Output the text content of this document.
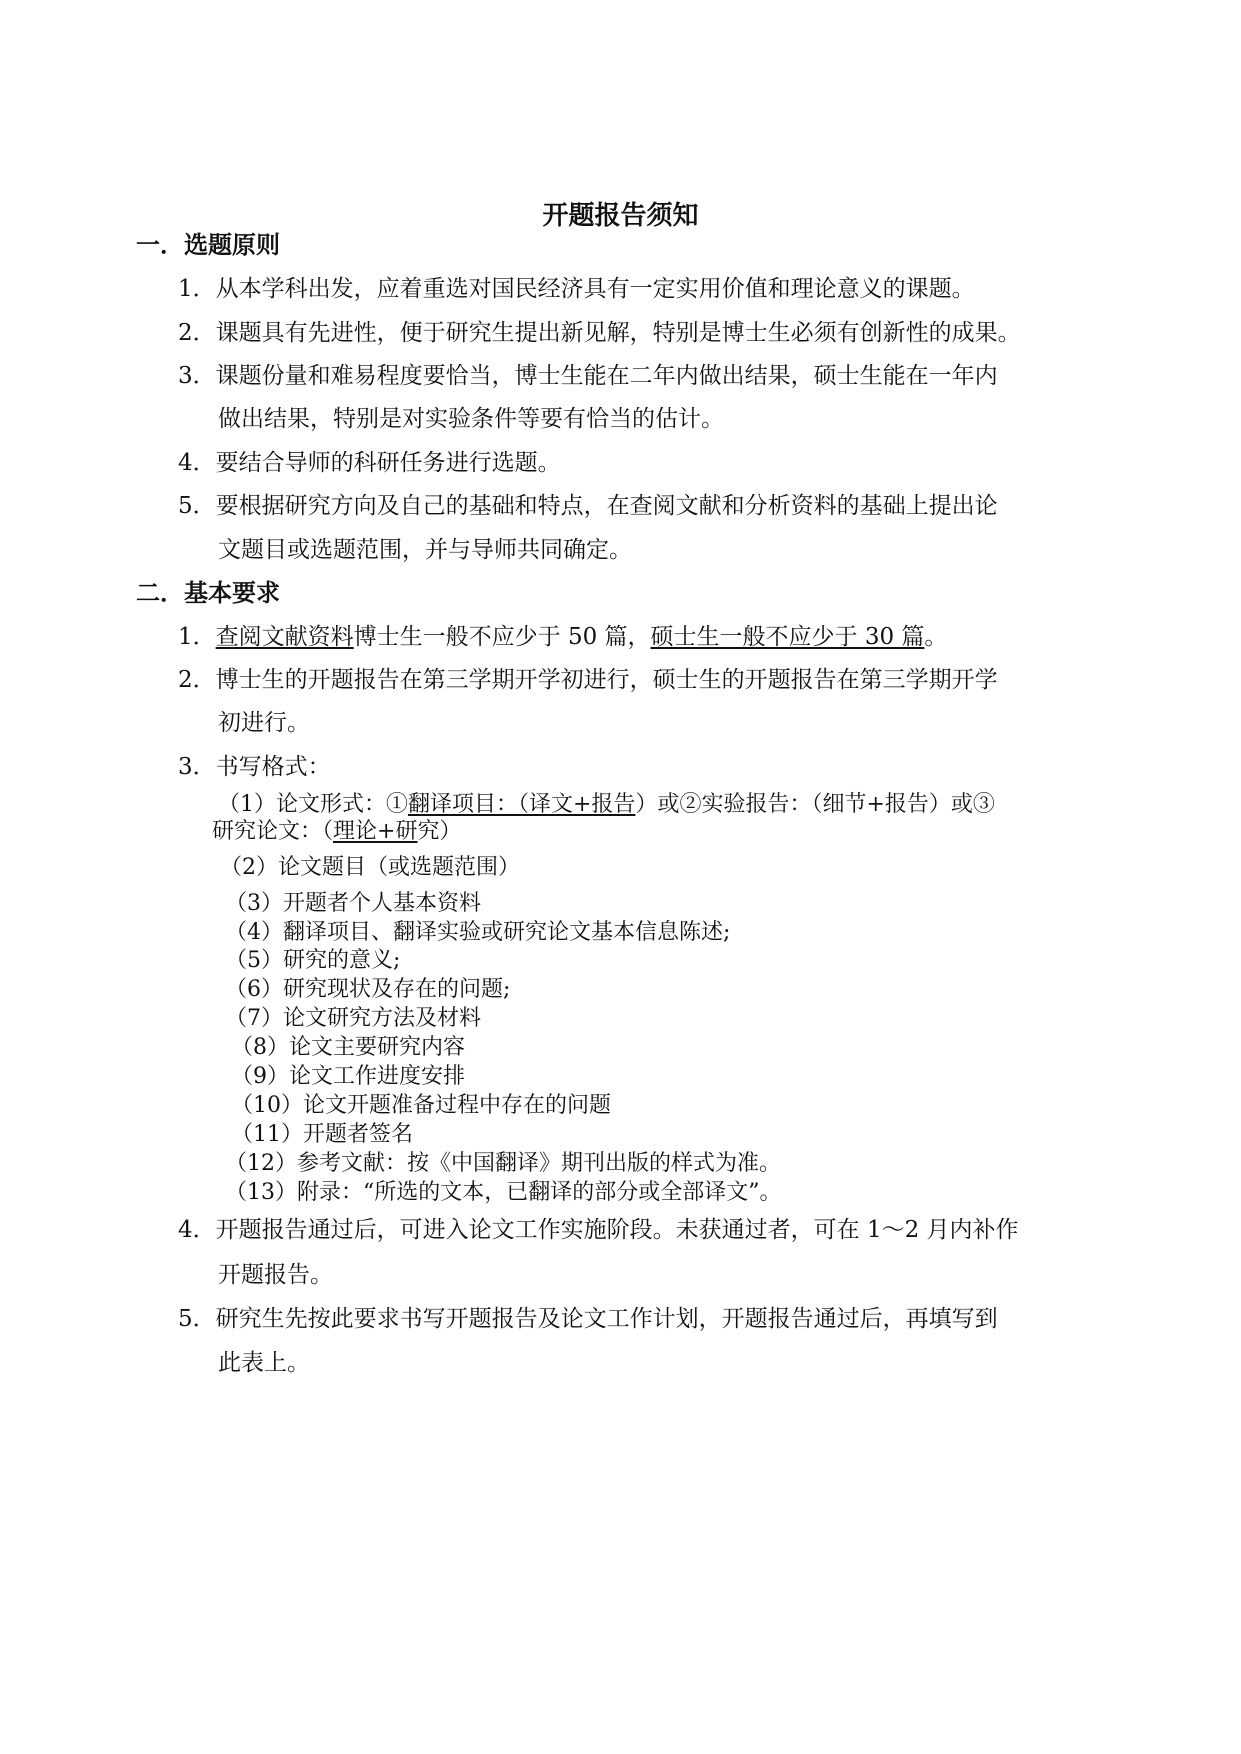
开题报告须知
一．选题原则
1．从本学科出发，应着重选对国民经济具有一定实用价值和理论意义的课题。
2．课题具有先进性，便于研究生提出新见解，特别是博士生必须有创新性的成果。
3．课题份量和难易程度要恰当，博士生能在二年内做出结果，硕士生能在一年内
做出结果，特别是对实验条件等要有恰当的估计。
4．要结合导师的科研任务进行选题。
5．要根据研究方向及自己的基础和特点，在查阅文献和分析资料的基础上提出论
文题目或选题范围，并与导师共同确定。
二．基本要求
1．查阅文献资料博士生一般不应少于 50 篇，硕士生一般不应少于 30 篇。
2．博士生的开题报告在第三学期开学初进行，硕士生的开题报告在第三学期开学
初进行。
3．书写格式：
（1）论文形式：①翻译项目：（译文+报告）或②实验报告：（细节+报告）或③
研究论文：（理论+研究）
（2）论文题目（或选题范围）
（3）开题者个人基本资料
（4）翻译项目、翻译实验或研究论文基本信息陈述;
（5）研究的意义;
（6）研究现状及存在的问题;
（7）论文研究方法及材料
（8）论文主要研究内容
（9）论文工作进度安排
（10）论文开题准备过程中存在的问题
（11）开题者签名
（12）参考文献：按《中国翻译》期刊出版的样式为准。
（13）附录：“所选的文本，已翻译的部分或全部译文”。
4．开题报告通过后，可进入论文工作实施阶段。未获通过者，可在 1～2 月内补作
开题报告。
5．研究生先按此要求书写开题报告及论文工作计划，开题报告通过后，再填写到
此表上。
